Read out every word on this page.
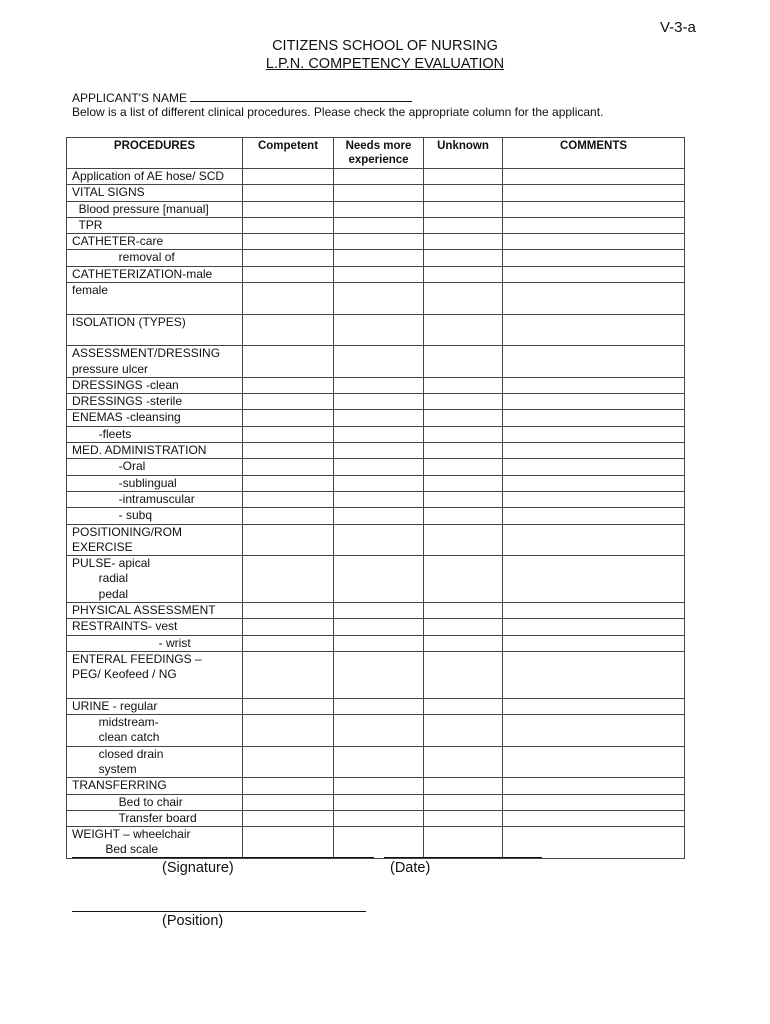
V-3-a
CITIZENS SCHOOL OF NURSING
L.P.N. COMPETENCY EVALUATION
APPLICANT'S NAME
Below is a list of different clinical procedures. Please check the appropriate column for the applicant.
PROCEDURES	Competent	Needs more experience	Unknown	COMMENTS

Application of AE hose/ SCD				

VITAL SIGNS				

Blood pressure [manual]				

TPR				

CATHETER-care				

removal of				

CATHETERIZATION-male				

female				

ISOLATION (TYPES)				

ASSESSMENT/DRESSING
pressure ulcer				

DRESSINGS -clean				

DRESSINGS -sterile				

ENEMAS -cleansing				

-fleets				

MED. ADMINISTRATION				

-Oral				

-sublingual				

-intramuscular				

- subq				

POSITIONING/ROM
EXERCISE				

PULSE- apical
radial
pedal				

PHYSICAL ASSESSMENT				

RESTRAINTS- vest				

- wrist				

ENTERAL FEEDINGS –
PEG/ Keofeed / NG				

URINE - regular				

midstream-
clean catch				

closed drain
system				

TRANSFERRING				

Bed to chair				

Transfer board				

WEIGHT – wheelchair
Bed scale				

(Signature)	(Date)
(Position)
